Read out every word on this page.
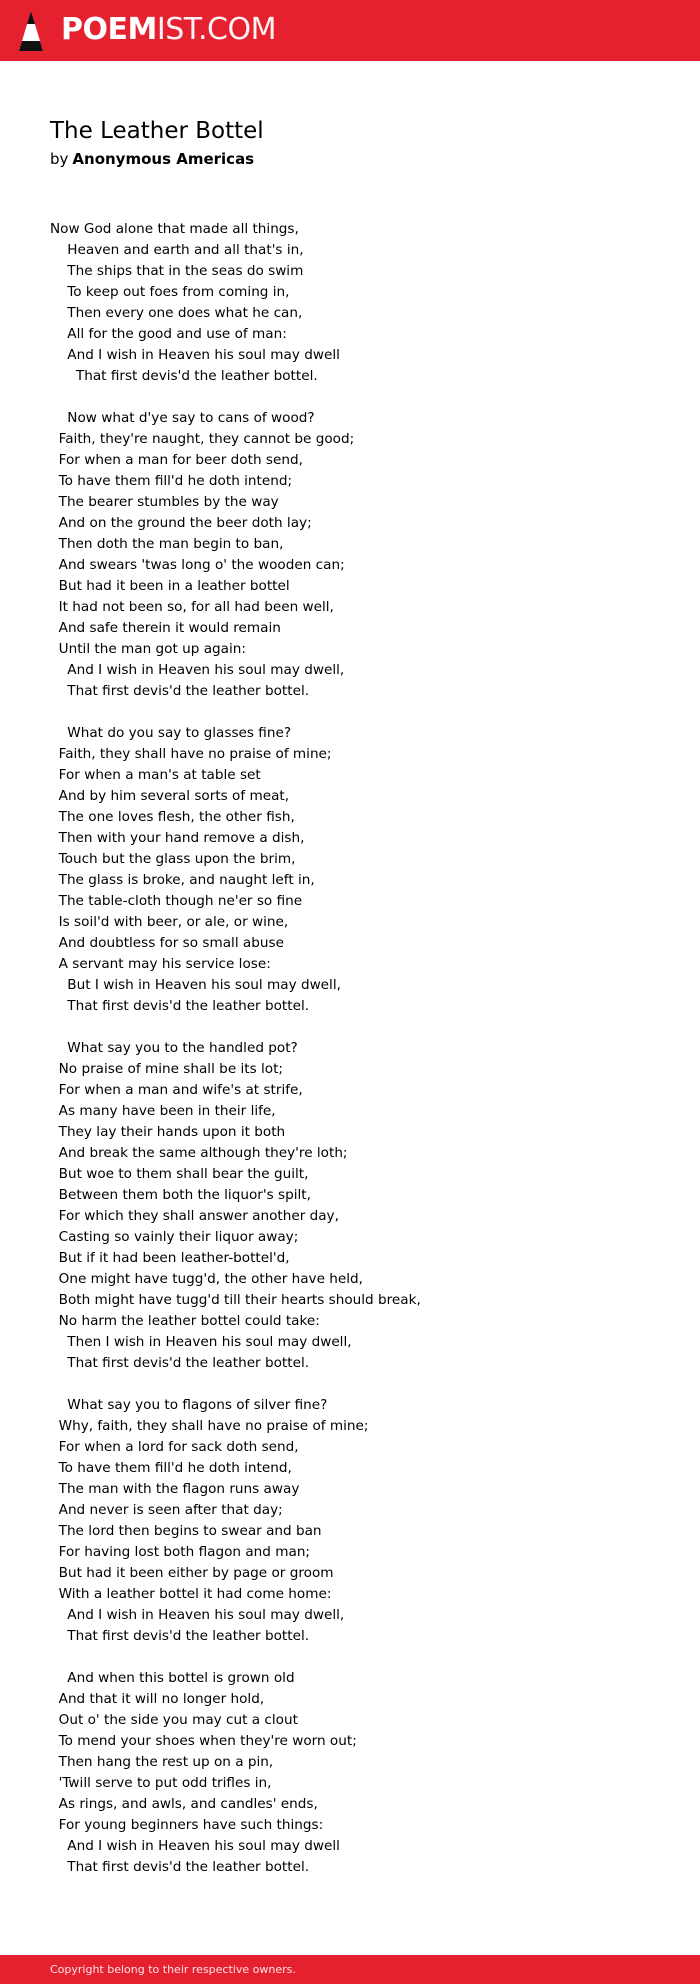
POEMIST.COM
The Leather Bottel
by Anonymous Americas
Now God alone that made all things,
Heaven and earth and all that's in,
The ships that in the seas do swim
To keep out foes from coming in,
Then every one does what he can,
All for the good and use of man:
And I wish in Heaven his soul may dwell
That first devis'd the leather bottel.
Now what d'ye say to cans of wood?
Faith, they're naught, they cannot be good;
For when a man for beer doth send,
To have them fill'd he doth intend;
The bearer stumbles by the way
And on the ground the beer doth lay;
Then doth the man begin to ban,
And swears 'twas long o' the wooden can;
But had it been in a leather bottel
It had not been so, for all had been well,
And safe therein it would remain
Until the man got up again:
And I wish in Heaven his soul may dwell,
That first devis'd the leather bottel.
What do you say to glasses fine?
Faith, they shall have no praise of mine;
For when a man's at table set
And by him several sorts of meat,
The one loves flesh, the other fish,
Then with your hand remove a dish,
Touch but the glass upon the brim,
The glass is broke, and naught left in,
The table-cloth though ne'er so fine
Is soil'd with beer, or ale, or wine,
And doubtless for so small abuse
A servant may his service lose:
But I wish in Heaven his soul may dwell,
That first devis'd the leather bottel.
What say you to the handled pot?
No praise of mine shall be its lot;
For when a man and wife's at strife,
As many have been in their life,
They lay their hands upon it both
And break the same although they're loth;
But woe to them shall bear the guilt,
Between them both the liquor's spilt,
For which they shall answer another day,
Casting so vainly their liquor away;
But if it had been leather-bottel'd,
One might have tugg'd, the other have held,
Both might have tugg'd till their hearts should break,
No harm the leather bottel could take:
Then I wish in Heaven his soul may dwell,
That first devis'd the leather bottel.
What say you to flagons of silver fine?
Why, faith, they shall have no praise of mine;
For when a lord for sack doth send,
To have them fill'd he doth intend,
The man with the flagon runs away
And never is seen after that day;
The lord then begins to swear and ban
For having lost both flagon and man;
But had it been either by page or groom
With a leather bottel it had come home:
And I wish in Heaven his soul may dwell,
That first devis'd the leather bottel.
And when this bottel is grown old
And that it will no longer hold,
Out o' the side you may cut a clout
To mend your shoes when they're worn out;
Then hang the rest up on a pin,
'Twill serve to put odd trifles in,
As rings, and awls, and candles' ends,
For young beginners have such things:
And I wish in Heaven his soul may dwell
That first devis'd the leather bottel.
Copyright belong to their respective owners.
